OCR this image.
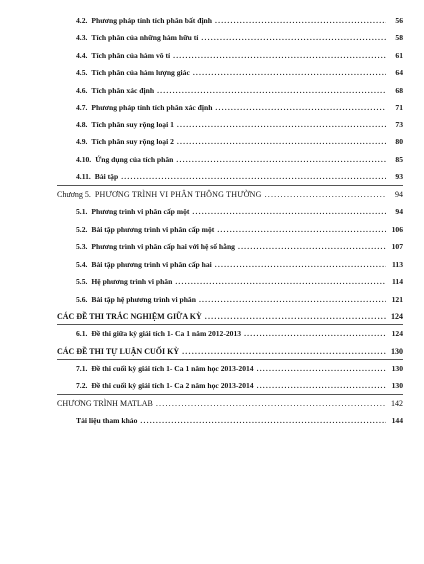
4.2. Phương pháp tính tích phân bất định .....	56
4.3. Tích phân của những hàm hữu tỉ .....	58
4.4. Tích phân của hàm vô tỉ .....	61
4.5. Tích phân của hàm lượng giác .....	64
4.6. Tích phân xác định .....	68
4.7. Phương pháp tính tích phân xác định .....	71
4.8. Tích phân suy rộng loại 1 .....	73
4.9. Tích phân suy rộng loại 2 .....	80
4.10. Ứng dụng của tích phân .....	85
4.11. Bài tập .....	93
Chương 5. PHƯƠNG TRÌNH VI PHÂN THÔNG THƯỜNG .....	94
5.1. Phương trình vi phân cấp một .....	94
5.2. Bài tập phương trình vi phân cấp một .....	106
5.3. Phương trình vi phân cấp hai với hệ số hằng .....	107
5.4. Bài tập phương trình vi phân cấp hai .....	113
5.5. Hệ phương trình vi phân .....	114
5.6. Bài tập hệ phương trình vi phân .....	121
CÁC ĐỀ THI TRẮC NGHIỆM GIỮA KỲ .....	124
6.1. Đề thi giữa kỳ giải tích 1- Ca 1 năm 2012-2013 .....	124
CÁC ĐỀ THI TỰ LUẬN CUỐI KỲ .....	130
7.1. Đề thi cuối kỳ giải tích 1- Ca 1 năm học 2013-2014 .....	130
7.2. Đề thi cuối kỳ giải tích 1- Ca 2 năm học 2013-2014 .....	130
CHƯƠNG TRÌNH MATLAB .....	142
Tài liệu tham khảo .....	144
